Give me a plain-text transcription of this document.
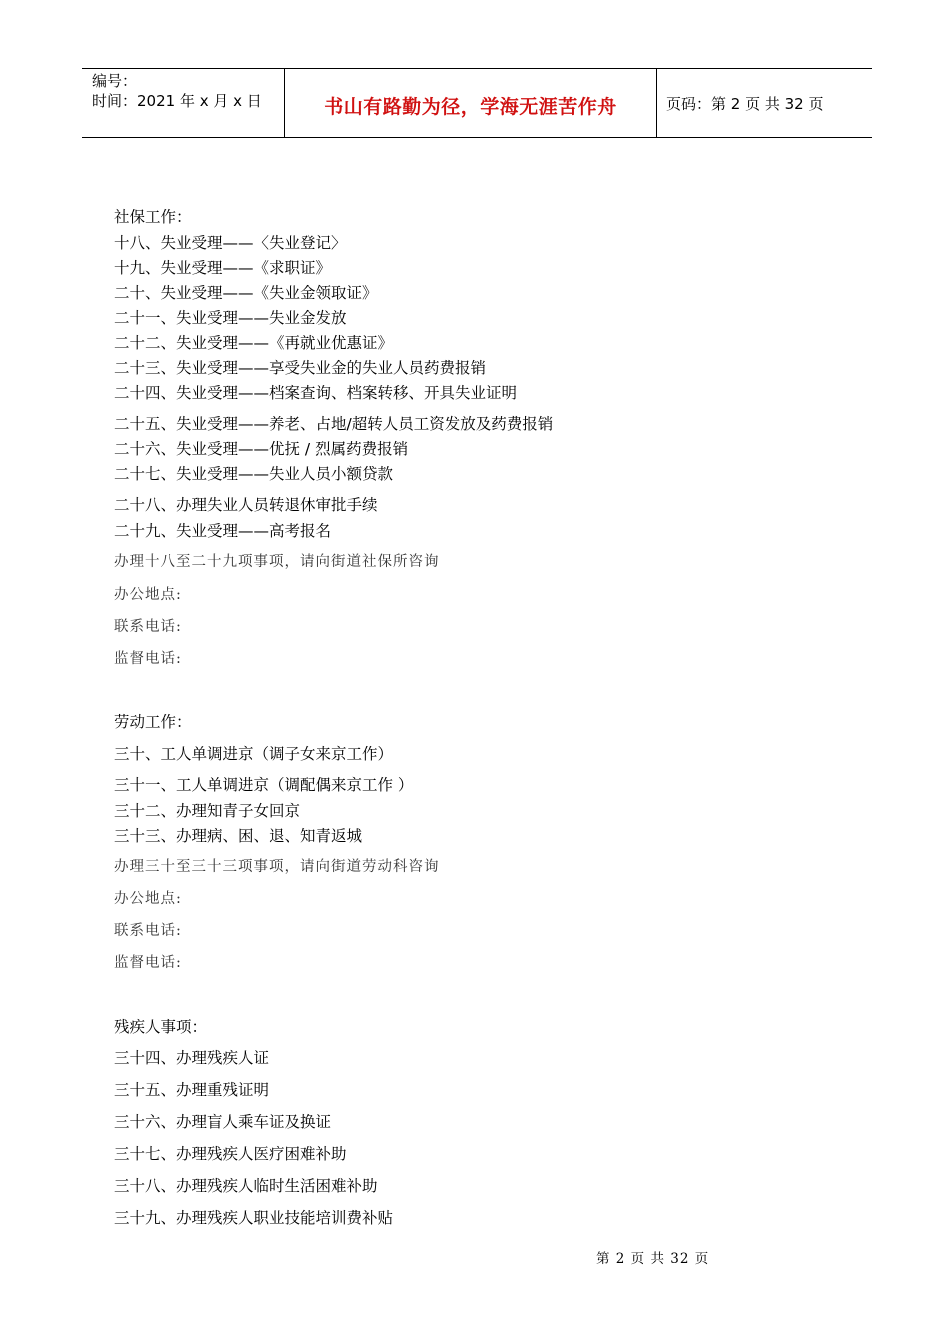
编号：
时间：2021 年 x 月 x 日	书山有路勤为径，学海无涯苦作舟	页码：第 2 页 共 32 页
社保工作：
十八、失业受理——〈失业登记〉
十九、失业受理——《求职证》
二十、失业受理——《失业金领取证》
二十一、失业受理——失业金发放
二十二、失业受理——《再就业优惠证》
二十三、失业受理——享受失业金的失业人员药费报销
二十四、失业受理——档案查询、档案转移、开具失业证明
二十五、失业受理——养老、占地/超转人员工资发放及药费报销
二十六、失业受理——优抚 / 烈属药费报销
二十七、失业受理——失业人员小额贷款
二十八、办理失业人员转退休审批手续
二十九、失业受理——高考报名
办理十八至二十九项事项，请向街道社保所咨询
办公地点:
联系电话:
监督电话:
劳动工作：
三十、工人单调进京（调子女来京工作）
三十一、工人单调进京（调配偶来京工作 ）
三十二、办理知青子女回京
三十三、办理病、困、退、知青返城
办理三十至三十三项事项，请向街道劳动科咨询
办公地点:
联系电话:
监督电话:
残疾人事项：
三十四、办理残疾人证
三十五、办理重残证明
三十六、办理盲人乘车证及换证
三十七、办理残疾人医疗困难补助
三十八、办理残疾人临时生活困难补助
三十九、办理残疾人职业技能培训费补贴
第 2 页 共 32 页
